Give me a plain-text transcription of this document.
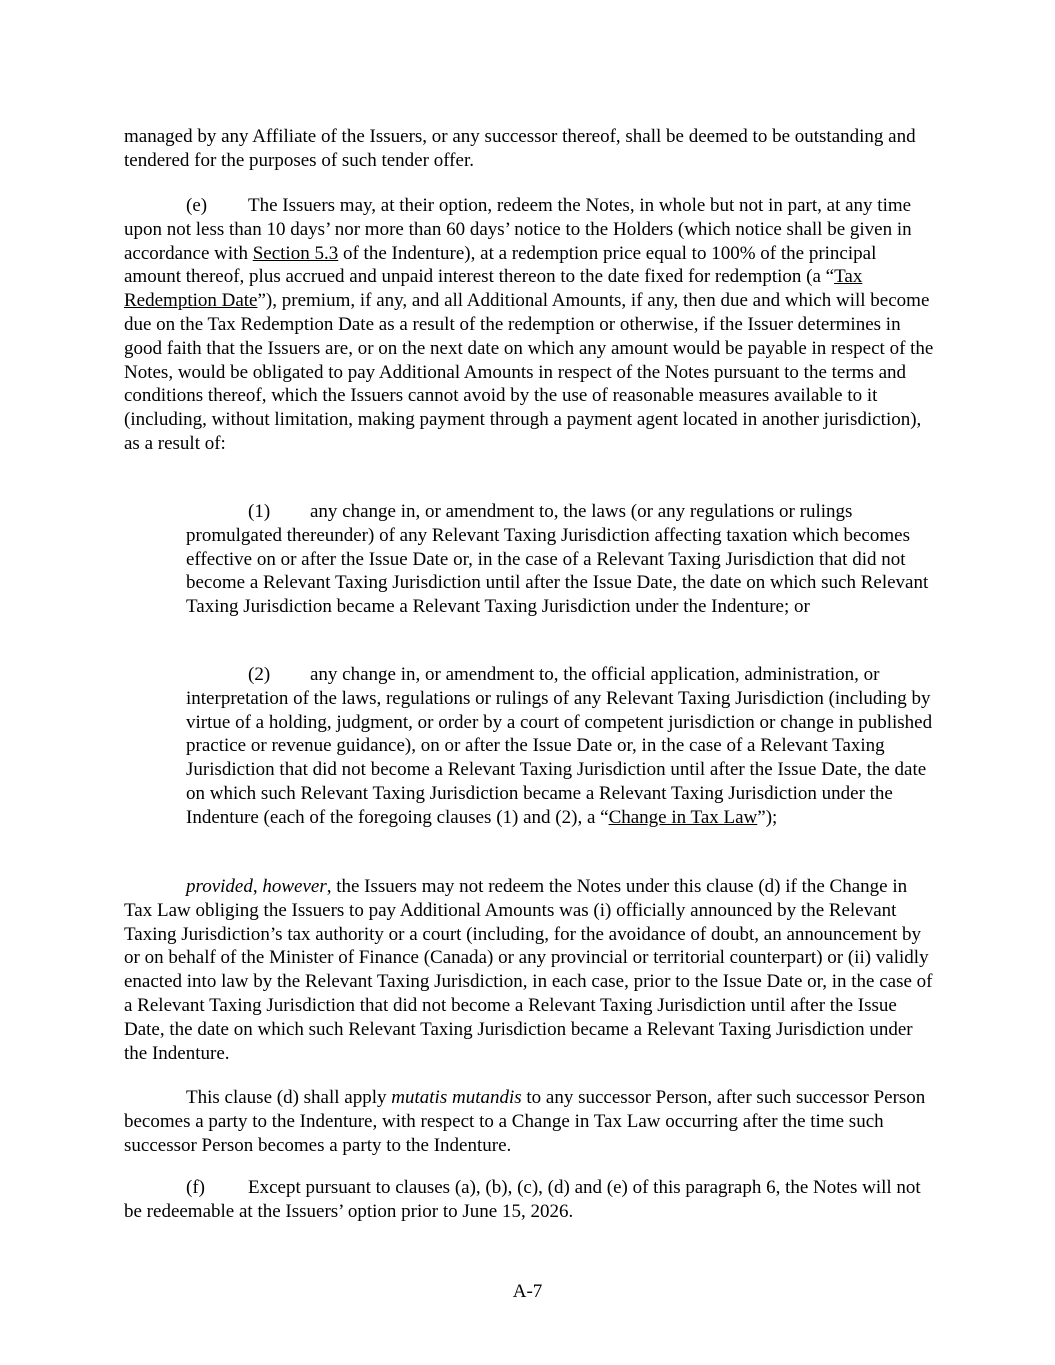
managed by any Affiliate of the Issuers, or any successor thereof, shall be deemed to be outstanding and tendered for the purposes of such tender offer.

(e) The Issuers may, at their option, redeem the Notes, in whole but not in part, at any time upon not less than 10 days’ nor more than 60 days’ notice to the Holders (which notice shall be given in accordance with Section 5.3 of the Indenture), at a redemption price equal to 100% of the principal amount thereof, plus accrued and unpaid interest thereon to the date fixed for redemption (a “Tax Redemption Date”), premium, if any, and all Additional Amounts, if any, then due and which will become due on the Tax Redemption Date as a result of the redemption or otherwise, if the Issuer determines in good faith that the Issuers are, or on the next date on which any amount would be payable in respect of the Notes, would be obligated to pay Additional Amounts in respect of the Notes pursuant to the terms and conditions thereof, which the Issuers cannot avoid by the use of reasonable measures available to it (including, without limitation, making payment through a payment agent located in another jurisdiction), as a result of:

(1) any change in, or amendment to, the laws (or any regulations or rulings promulgated thereunder) of any Relevant Taxing Jurisdiction affecting taxation which becomes effective on or after the Issue Date or, in the case of a Relevant Taxing Jurisdiction that did not become a Relevant Taxing Jurisdiction until after the Issue Date, the date on which such Relevant Taxing Jurisdiction became a Relevant Taxing Jurisdiction under the Indenture; or

(2) any change in, or amendment to, the official application, administration, or interpretation of the laws, regulations or rulings of any Relevant Taxing Jurisdiction (including by virtue of a holding, judgment, or order by a court of competent jurisdiction or change in published practice or revenue guidance), on or after the Issue Date or, in the case of a Relevant Taxing Jurisdiction that did not become a Relevant Taxing Jurisdiction until after the Issue Date, the date on which such Relevant Taxing Jurisdiction became a Relevant Taxing Jurisdiction under the Indenture (each of the foregoing clauses (1) and (2), a “Change in Tax Law”);

provided, however, the Issuers may not redeem the Notes under this clause (d) if the Change in Tax Law obliging the Issuers to pay Additional Amounts was (i) officially announced by the Relevant Taxing Jurisdiction’s tax authority or a court (including, for the avoidance of doubt, an announcement by or on behalf of the Minister of Finance (Canada) or any provincial or territorial counterpart) or (ii) validly enacted into law by the Relevant Taxing Jurisdiction, in each case, prior to the Issue Date or, in the case of a Relevant Taxing Jurisdiction that did not become a Relevant Taxing Jurisdiction until after the Issue Date, the date on which such Relevant Taxing Jurisdiction became a Relevant Taxing Jurisdiction under the Indenture.

This clause (d) shall apply mutatis mutandis to any successor Person, after such successor Person becomes a party to the Indenture, with respect to a Change in Tax Law occurring after the time such successor Person becomes a party to the Indenture.

(f) Except pursuant to clauses (a), (b), (c), (d) and (e) of this paragraph 6, the Notes will not be redeemable at the Issuers’ option prior to June 15, 2026.

A-7
